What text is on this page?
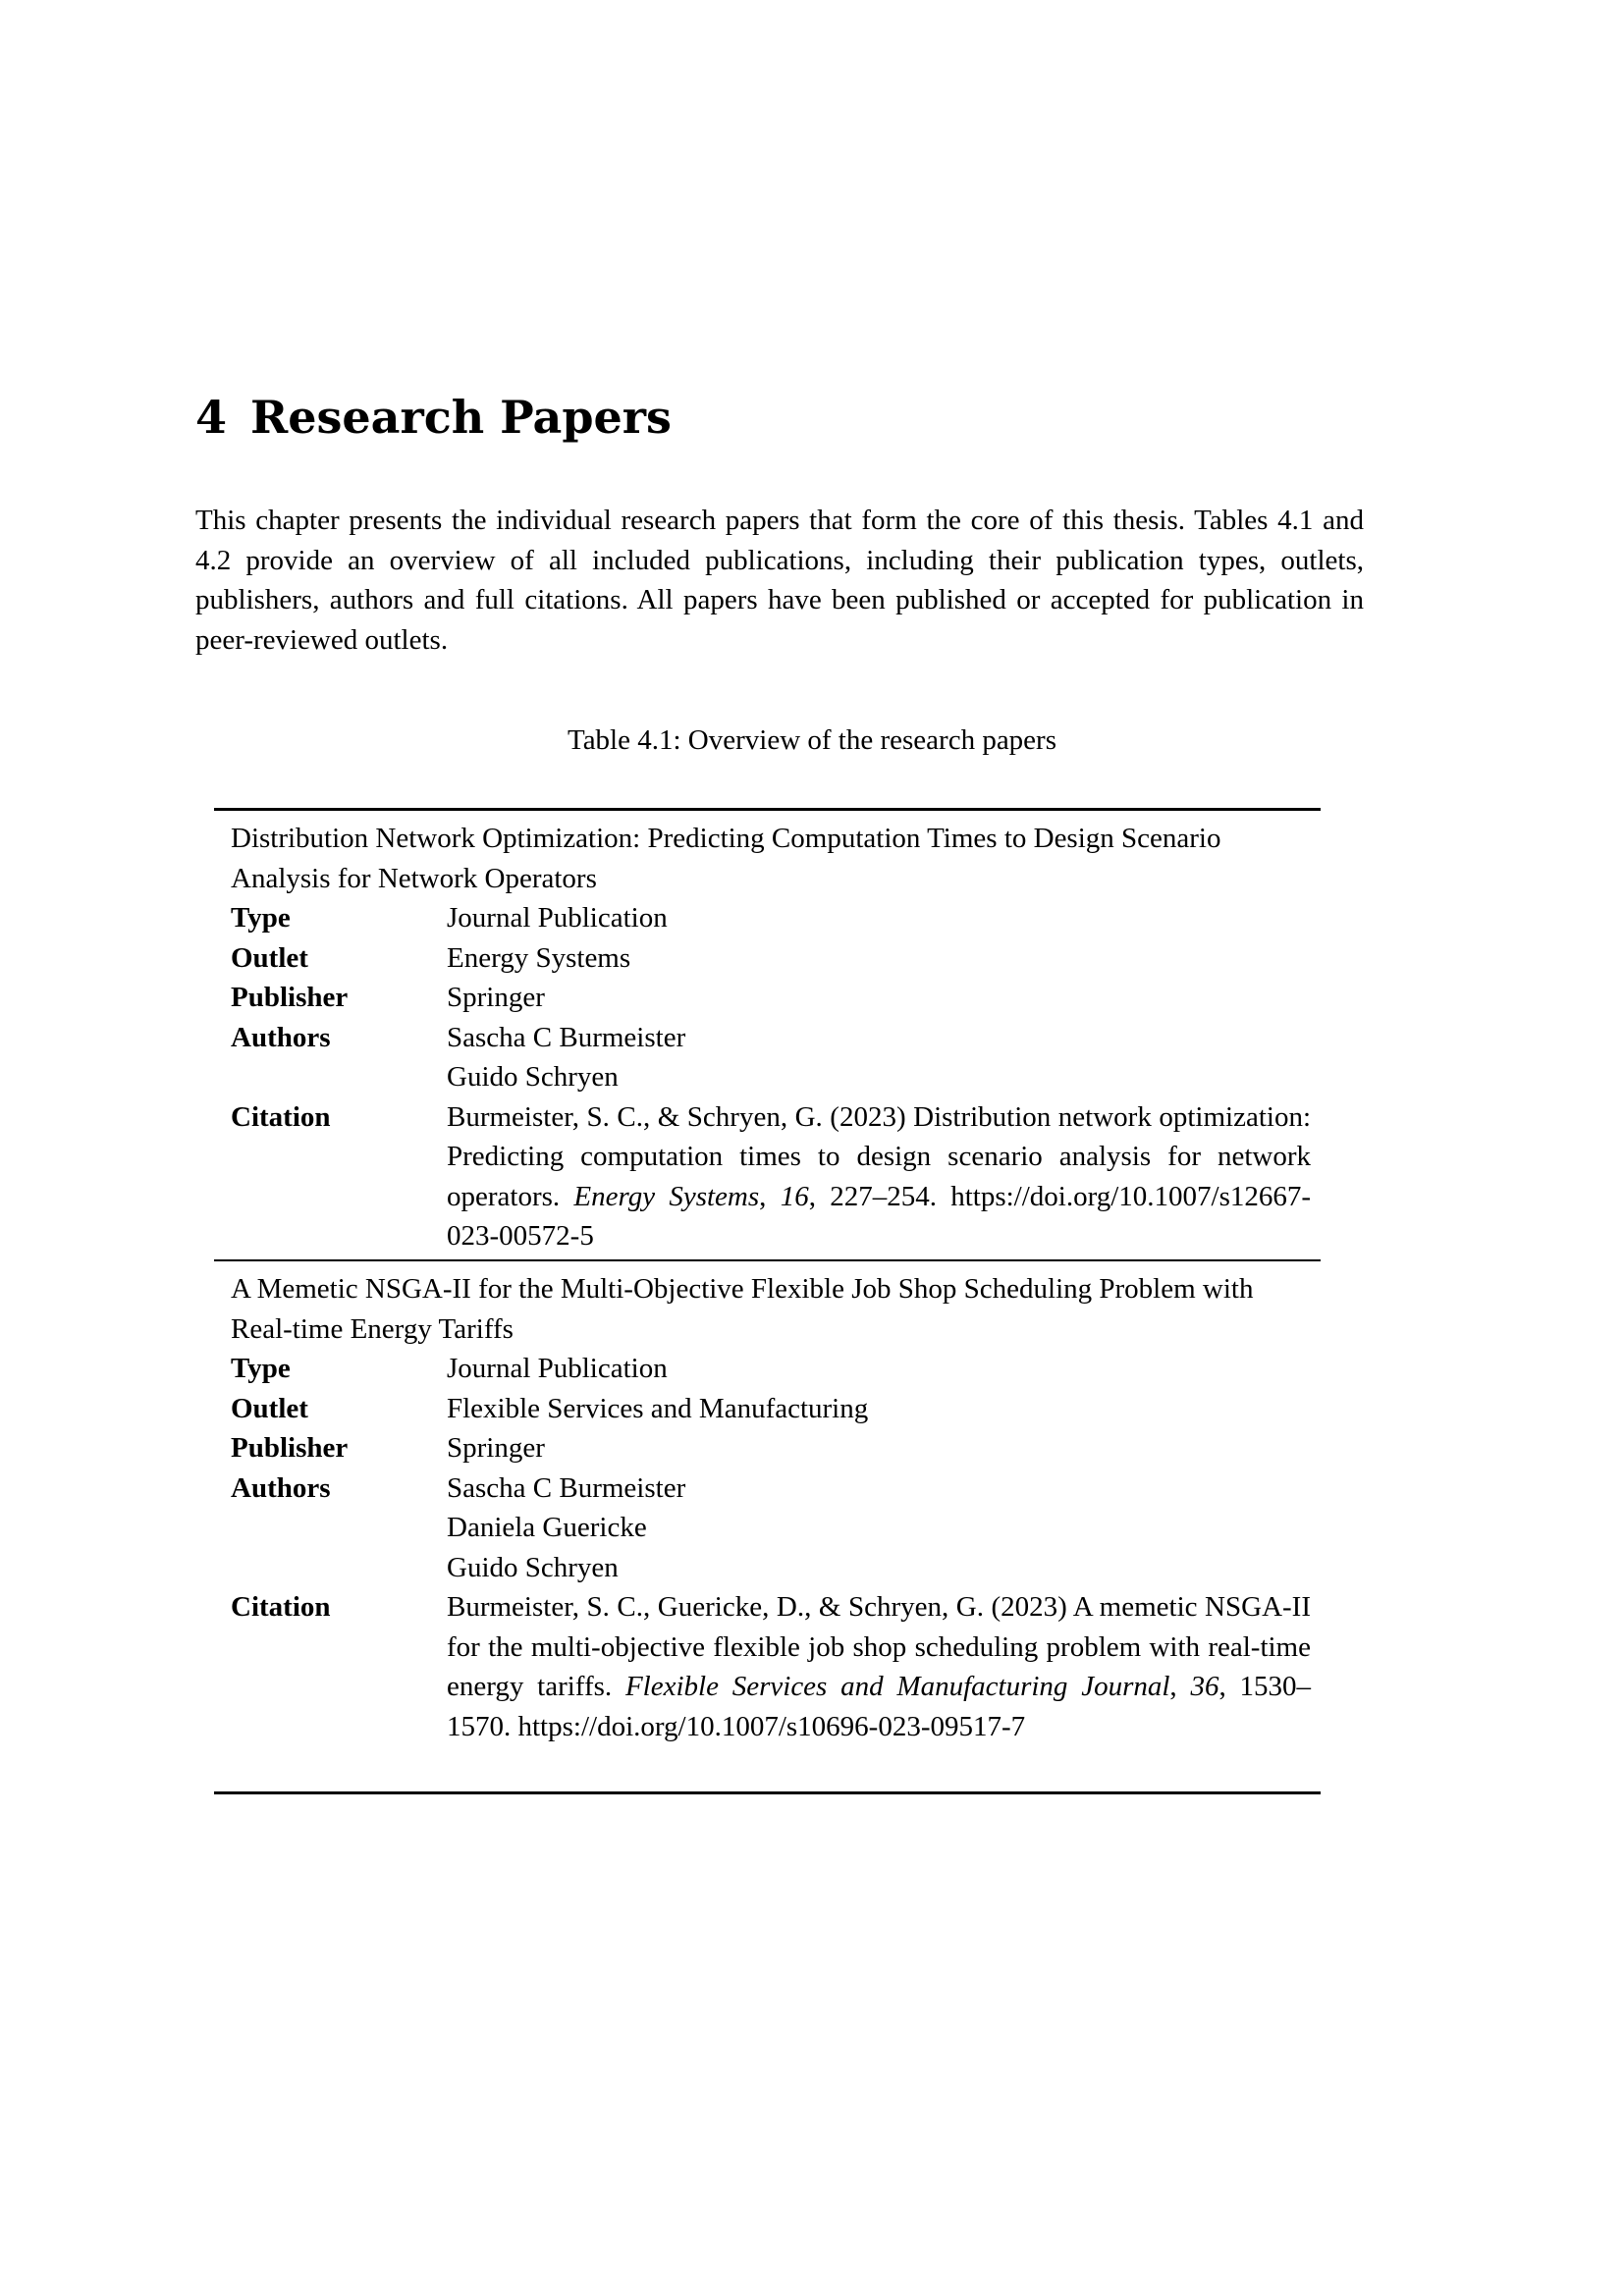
4 Research Papers

This chapter presents the individual research papers that form the core of this thesis. Tables 4.1 and 4.2 provide an overview of all included publications, including their publication types, outlets, publishers, authors and full citations. All papers have been published or accepted for publication in peer-reviewed outlets.

Table 4.1: Overview of the research papers

Distribution Network Optimization: Predicting Computation Times to Design Scenario Analysis for Network Operators

Type	Journal Publication
Outlet	Energy Systems
Publisher	Springer
Authors	Sascha C Burmeister
Guido Schryen
Citation	Burmeister, S. C., & Schryen, G. (2023) Distribution network optimization: Predicting computation times to design scenario analysis for network operators. Energy Systems, 16, 227–254. https://doi.org/10.1007/s12667-023-00572-5

A Memetic NSGA-II for the Multi-Objective Flexible Job Shop Scheduling Problem with Real-time Energy Tariffs

Type	Journal Publication
Outlet	Flexible Services and Manufacturing
Publisher	Springer
Authors	Sascha C Burmeister
Daniela Guericke
Guido Schryen
Citation	Burmeister, S. C., Guericke, D., & Schryen, G. (2023) A memetic NSGA-II for the multi-objective flexible job shop scheduling problem with real-time energy tariffs. Flexible Services and Manufacturing Journal, 36, 1530–1570. https://doi.org/10.1007/s10696-023-09517-7
